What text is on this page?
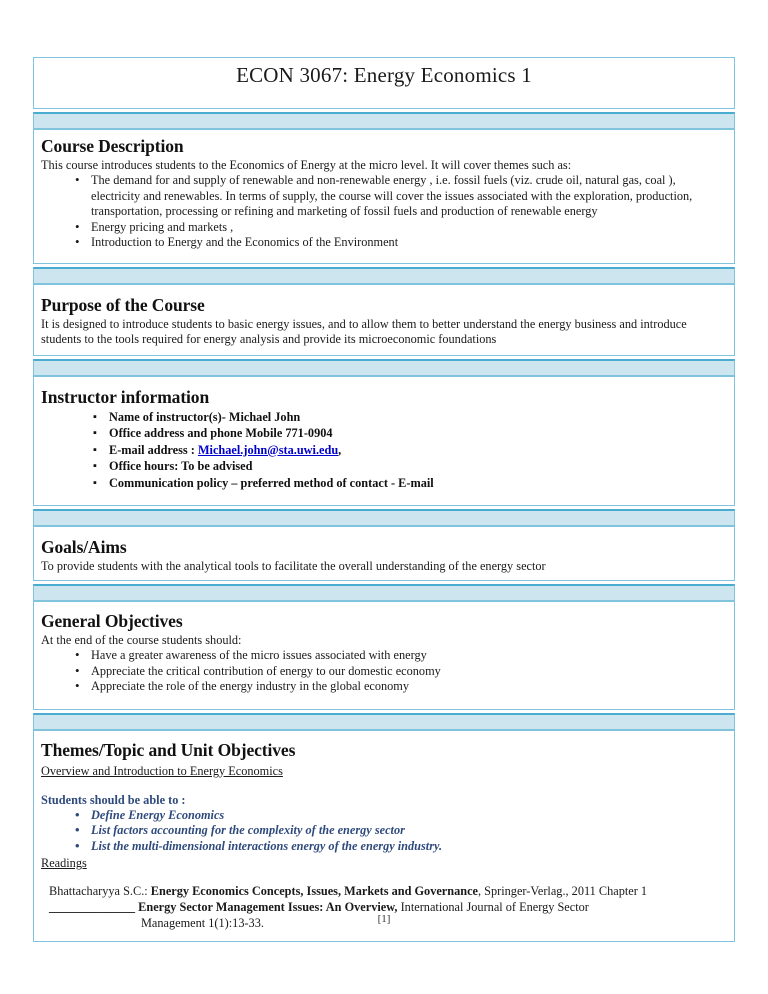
ECON 3067: Energy Economics 1
Course Description

This course introduces students to the Economics of Energy at the micro level. It will cover themes such as:

• The demand for and supply of renewable and non-renewable energy , i.e. fossil fuels (viz. crude oil, natural gas, coal ), electricity and renewables. In terms of supply, the course will cover the issues associated with the exploration, production, transportation, processing or refining and marketing of fossil fuels and production of renewable energy
• Energy pricing and markets ,
• Introduction to Energy and the Economics of the Environment
Purpose of the Course

It is designed to introduce students to basic energy issues, and to allow them to better understand the energy business and introduce students to the tools required for energy analysis and provide its microeconomic foundations

Instructor information
▪ Name of instructor(s)- Michael John
▪ Office address and phone Mobile 771-0904
▪ E-mail address : Michael.john@sta.uwi.edu,
▪ Office hours: To be advised
▪ Communication policy – preferred method of contact - E-mail
Goals/Aims

To provide students with the analytical tools to facilitate the overall understanding of the energy sector

General Objectives

At the end of the course students should:

• Have a greater awareness of the micro issues associated with energy
• Appreciate the critical contribution of energy to our domestic economy
• Appreciate the role of the energy industry in the global economy
Themes/Topic and Unit Objectives
Overview and Introduction to Energy Economics

Students should be able to :

• Define Energy Economics
• List factors accounting for the complexity of the energy sector
• List the multi-dimensional interactions energy of the energy industry.
Readings

Bhattacharyya S.C.: Energy Economics Concepts, Issues, Markets and Governance, Springer-Verlag., 2011 Chapter 1

______________ Energy Sector Management Issues: An Overview, International Journal of Energy Sector
Management 1(1):13-33.	[1]
